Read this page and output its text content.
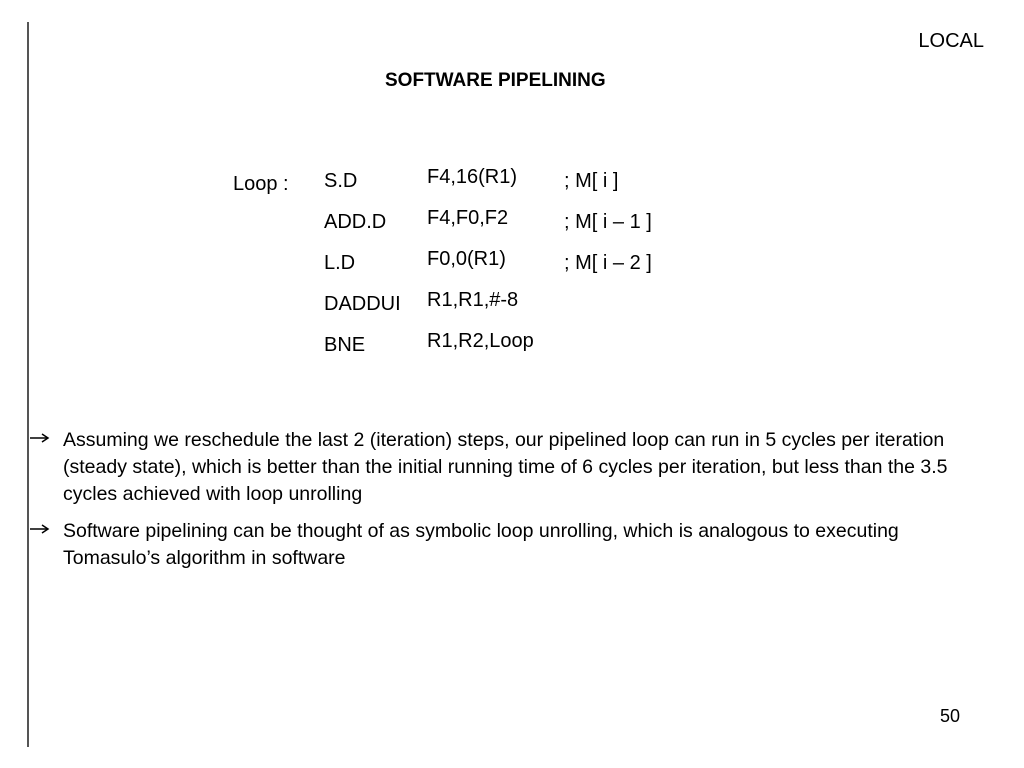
LOCAL
SOFTWARE PIPELINING
Loop : S.D	F4,16(R1) ; M[ i ]
ADD.D F4,F0,F2	; M[ i – 1 ]
L.D	F0,0(R1)	; M[ i – 2 ]
DADDUI R1,R1,#-8
BNE	R1,R2,Loop
Assuming we reschedule the last 2 (iteration) steps, our pipelined loop can run in 5 cycles per iteration (steady state), which is better than the initial running time of 6 cycles per iteration, but less than the 3.5 cycles achieved with loop unrolling
Software pipelining can be thought of as symbolic loop unrolling, which is analogous to executing Tomasulo’s algorithm in software
50
